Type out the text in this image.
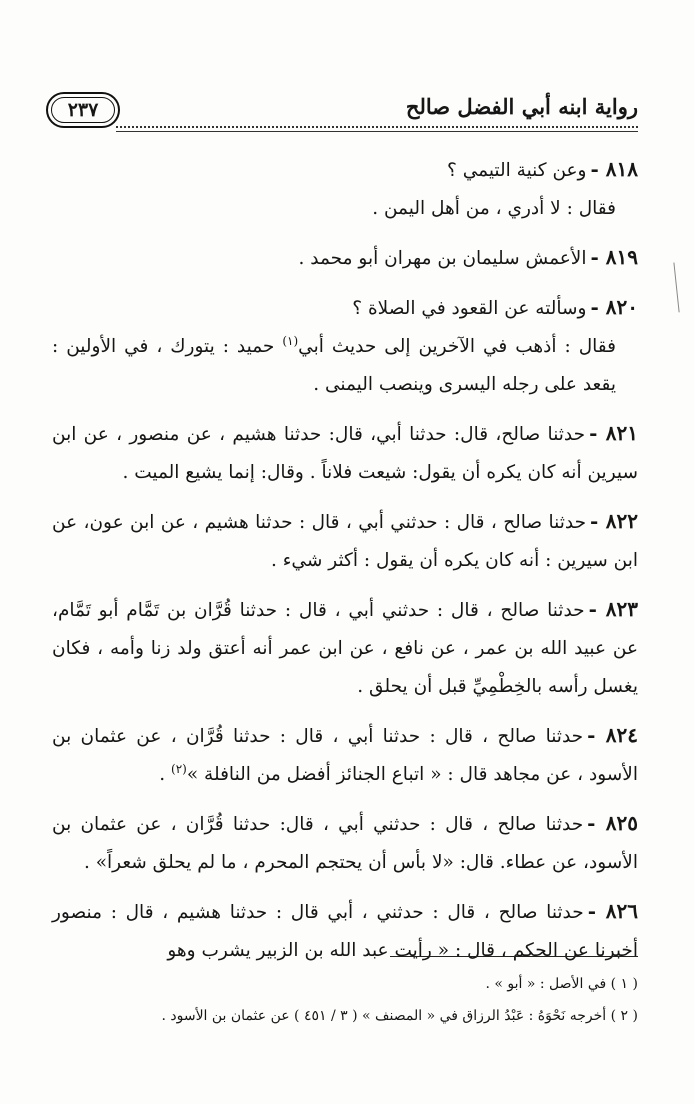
رواية ابنه أبي الفضل صالح
٢٣٧

٨١٨ -وعن كنية التيمي ؟

فقال : لا أدري ، من أهل اليمن .

٨١٩ -الأعمش سليمان بن مهران أبو محمد .

٨٢٠ -وسألته عن القعود في الصلاة ؟

فقال : أذهب في الآخرين إلى حديث أبي$^{(١)}$ حميد : يتورك ، في الأولين : يقعد على رجله اليسرى وينصب اليمنى .

٨٢١ -حدثنا صالح، قال: حدثنا أبي، قال: حدثنا هشيم ، عن منصور ، عن ابن سيرين أنه كان يكره أن يقول: شيعت فلاناً . وقال: إنما يشيع الميت .

٨٢٢ -حدثنا صالح ، قال : حدثني أبي ، قال : حدثنا هشيم ، عن ابن عون، عن ابن سيرين : أنه كان يكره أن يقول : أكثر شيء .

٨٢٣ -حدثنا صالح ، قال : حدثني أبي ، قال : حدثنا قُرَّان بن تَمَّام أبو تَمَّام، عن عبيد الله بن عمر ، عن نافع ، عن ابن عمر أنه أعتق ولد زنا وأمه ، فكان يغسل رأسه بالخِطْمِيِّ قبل أن يحلق .

٨٢٤ -حدثنا صالح ، قال : حدثنا أبي ، قال : حدثنا قُرَّان ، عن عثمان بن الأسود ، عن مجاهد قال : « اتباع الجنائز أفضل من النافلة »$^{(٢)}$ .

٨٢٥ -حدثنا صالح ، قال : حدثني أبي ، قال: حدثنا قُرَّان ، عن عثمان بن الأسود، عن عطاء. قال: «لا بأس أن يحتجم المحرم ، ما لم يحلق شعراً» .

٨٢٦ -حدثنا صالح ، قال : حدثني ، أبي قال : حدثنا هشيم ، قال : منصور أخبرنا عن الحكم ، قال : « رأيت عبد الله بن الزبير يشرب وهو

( ١ ) في الأصل : « أبو » .

( ٢ ) أخرجه نَحْوَهُ : عَبْدُ الرزاق في « المصنف » ( ٣ / ٤٥١ ) عن عثمان بن الأسود .
